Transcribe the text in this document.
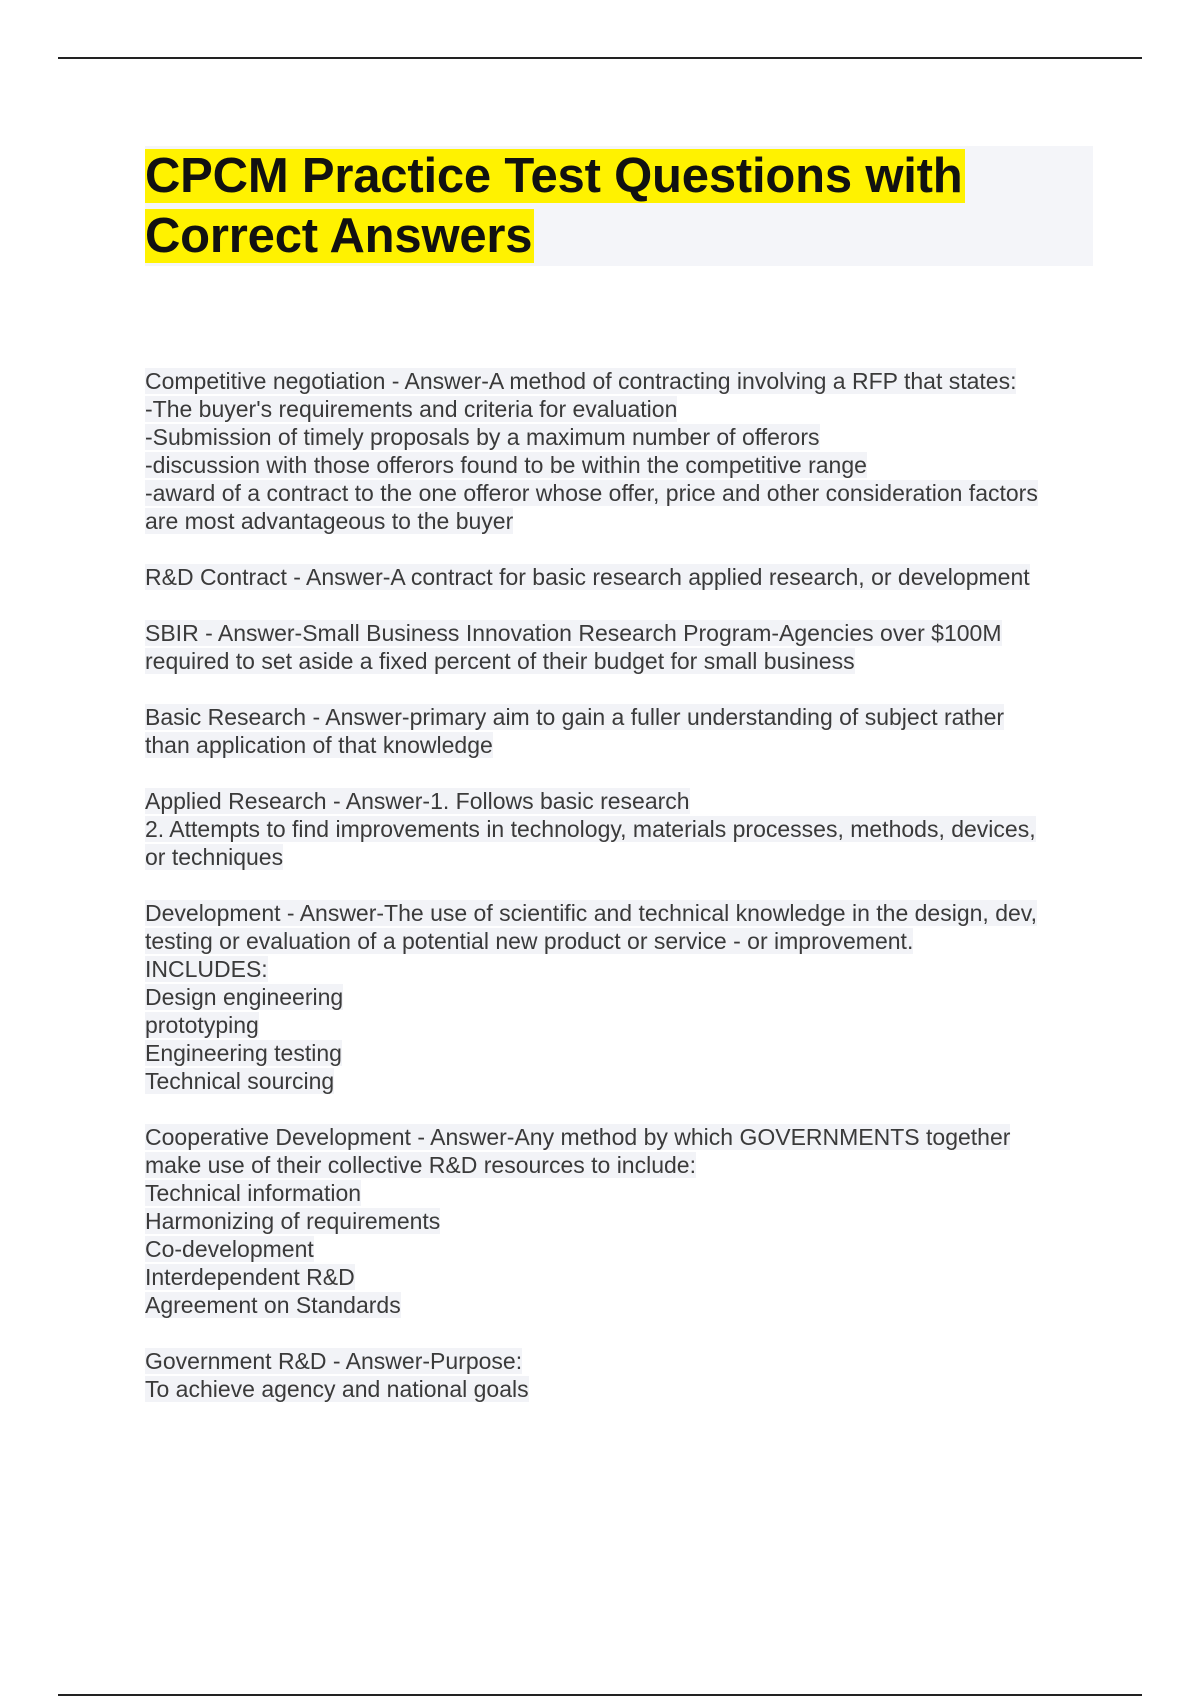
CPCM Practice Test Questions with
Correct Answers
Competitive negotiation - Answer-A method of contracting involving a RFP that states:
-The buyer's requirements and criteria for evaluation
-Submission of timely proposals by a maximum number of offerors
-discussion with those offerors found to be within the competitive range
-award of a contract to the one offeror whose offer, price and other consideration factors
are most advantageous to the buyer
R&D Contract - Answer-A contract for basic research applied research, or development
SBIR - Answer-Small Business Innovation Research Program-Agencies over $100M
required to set aside a fixed percent of their budget for small business
Basic Research - Answer-primary aim to gain a fuller understanding of subject rather
than application of that knowledge
Applied Research - Answer-1. Follows basic research
2. Attempts to find improvements in technology, materials processes, methods, devices,
or techniques
Development - Answer-The use of scientific and technical knowledge in the design, dev,
testing or evaluation of a potential new product or service - or improvement.
INCLUDES:
Design engineering
prototyping
Engineering testing
Technical sourcing
Cooperative Development - Answer-Any method by which GOVERNMENTS together
make use of their collective R&D resources to include:
Technical information
Harmonizing of requirements
Co-development
Interdependent R&D
Agreement on Standards
Government R&D - Answer-Purpose:
To achieve agency and national goals
